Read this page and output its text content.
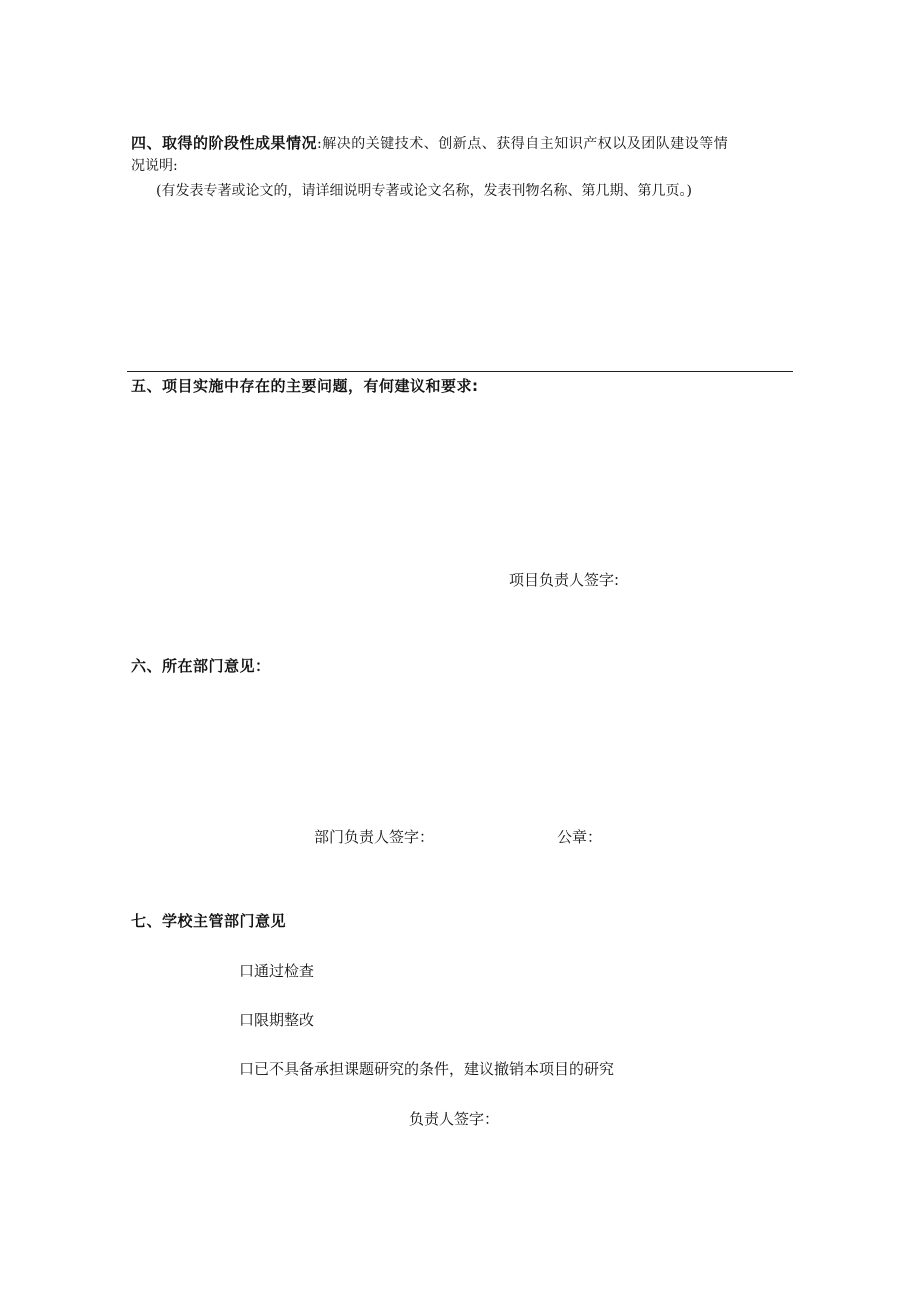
四、取得的阶段性成果情况:解决的关键技术、创新点、获得自主知识产权以及团队建设等情
况说明:
(有发表专著或论文的，请详细说明专著或论文名称，发表刊物名称、第几期、第几页。)
五、项目实施中存在的主要问题，有何建议和要求:
项目负责人签字:
六、所在部门意见：
部门负责人签字：	公章：
七、学校主管部门意见
口通过检查
口限期整改
口已不具备承担课题研究的条件，建议撤销本项目的研究
负责人签字：
